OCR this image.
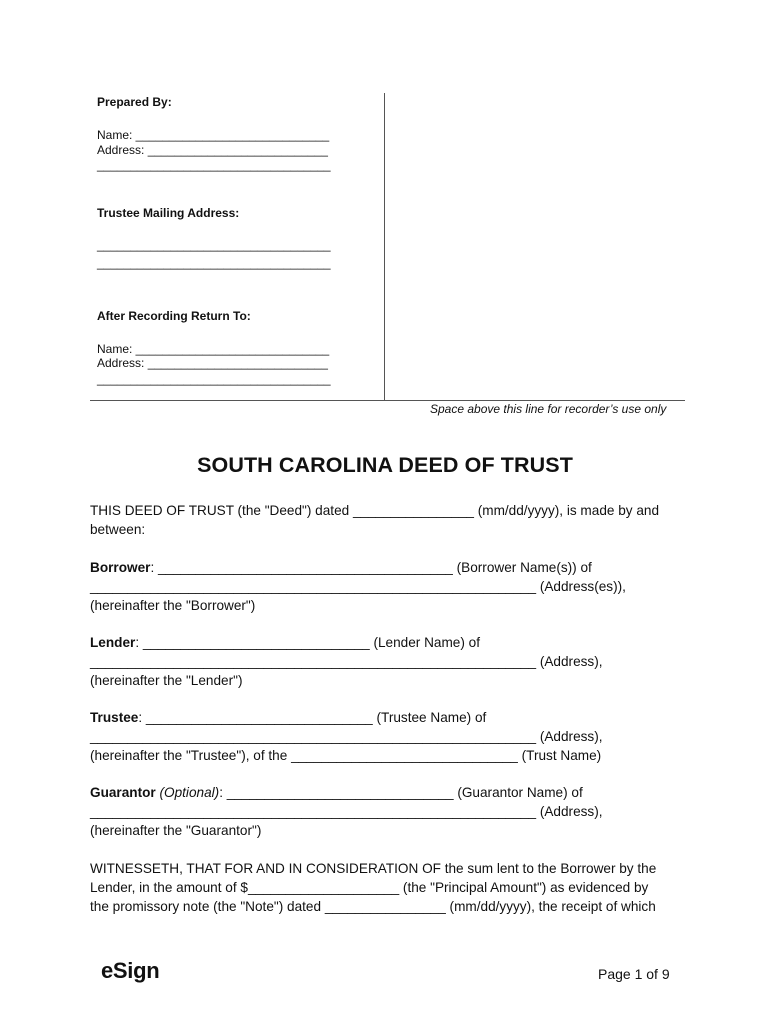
Prepared By:
Name: _____________________________
Address: ___________________________
___________________________________
Trustee Mailing Address:
___________________________________
___________________________________
After Recording Return To:
Name: _____________________________
Address: ___________________________
___________________________________
Space above this line for recorder’s use only
SOUTH CAROLINA DEED OF TRUST
THIS DEED OF TRUST (the "Deed") dated ________________ (mm/dd/yyyy), is made by and
between:
Borrower: _______________________________________ (Borrower Name(s)) of
___________________________________________________________ (Address(es)),
(hereinafter the "Borrower")
Lender: ______________________________ (Lender Name) of
___________________________________________________________ (Address),
(hereinafter the "Lender")
Trustee: ______________________________ (Trustee Name) of
___________________________________________________________ (Address),
(hereinafter the "Trustee"), of the ______________________________ (Trust Name)
Guarantor (Optional): ______________________________ (Guarantor Name) of
___________________________________________________________ (Address),
(hereinafter the "Guarantor")
WITNESSETH, THAT FOR AND IN CONSIDERATION OF the sum lent to the Borrower by the
Lender, in the amount of $____________________ (the "Principal Amount") as evidenced by
the promissory note (the "Note") dated ________________ (mm/dd/yyyy), the receipt of which
eSign	Page 1 of 9
